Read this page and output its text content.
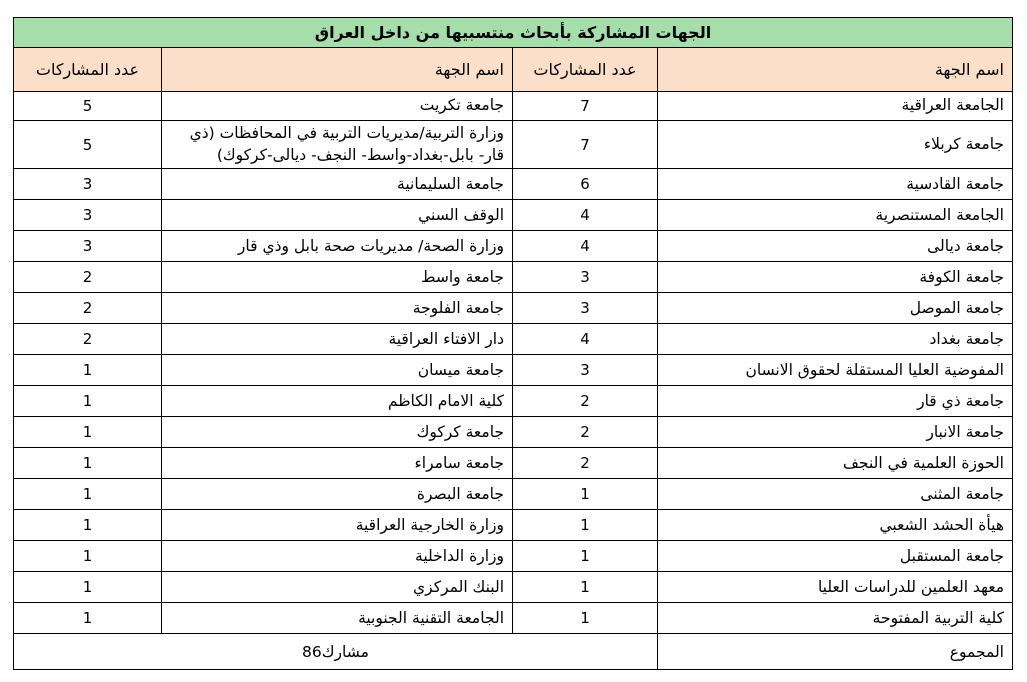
الجهات المشاركة بأبحاث منتسبيها من داخل العراق			
اسم الجهة	عدد المشاركات	اسم الجهة	عدد المشاركات
الجامعة العراقية	7	جامعة تكريت	5
جامعة كربلاء	7	وزارة التربية/مديريات التربية في المحافظات (ذي قار- بابل-بغداد-واسط- النجف- ديالى-كركوك)	5
جامعة القادسية	6	جامعة السليمانية	3
الجامعة المستنصرية	4	الوقف السني	3
جامعة ديالى	4	وزارة الصحة/ مديريات صحة بابل وذي قار	3
جامعة الكوفة	3	جامعة واسط	2
جامعة الموصل	3	جامعة الفلوجة	2
جامعة بغداد	4	دار الافتاء العراقية	2
المفوضية العليا المستقلة لحقوق الانسان	3	جامعة ميسان	1
جامعة ذي قار	2	كلية الامام الكاظم	1
جامعة الانبار	2	جامعة كركوك	1
الحوزة العلمية في النجف	2	جامعة سامراء	1
جامعة المثنى	1	جامعة البصرة	1
هيأة الحشد الشعبي	1	وزارة الخارجية العراقية	1
جامعة المستقبل	1	وزارة الداخلية	1
معهد العلمين للدراسات العليا	1	البنك المركزي	1
كلية التربية المفتوحة	1	الجامعة التقنية الجنوبية	1
المجموع	مشارك86		
